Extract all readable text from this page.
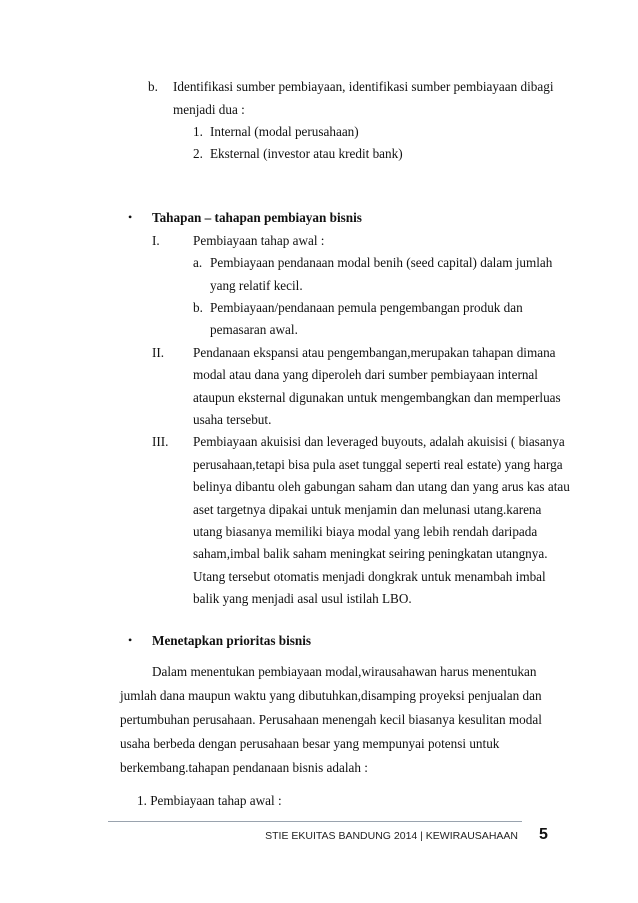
b. Identifikasi sumber pembiayaan, identifikasi sumber pembiayaan dibagi
menjadi dua :
1. Internal (modal perusahaan)
2. Eksternal (investor atau kredit bank)
• Tahapan – tahapan pembiayan bisnis
I.	Pembiayaan tahap awal :
a. Pembiayaan pendanaan modal benih (seed capital) dalam jumlah
yang relatif kecil.
b. Pembiayaan/pendanaan pemula pengembangan produk dan
pemasaran awal.
II. Pendanaan ekspansi atau pengembangan,merupakan tahapan dimana
modal atau dana yang diperoleh dari sumber pembiayaan internal
ataupun eksternal digunakan untuk mengembangkan dan memperluas
usaha tersebut.
III. Pembiayaan akuisisi dan leveraged buyouts, adalah akuisisi ( biasanya
perusahaan,tetapi bisa pula aset tunggal seperti real estate) yang harga
belinya dibantu oleh gabungan saham dan utang dan yang arus kas atau
aset targetnya dipakai untuk menjamin dan melunasi utang.karena
utang biasanya memiliki biaya modal yang lebih rendah daripada
saham,imbal balik saham meningkat seiring peningkatan utangnya.
Utang tersebut otomatis menjadi dongkrak untuk menambah imbal
balik yang menjadi asal usul istilah LBO.
• Menetapkan prioritas bisnis
Dalam menentukan pembiayaan modal,wirausahawan harus menentukan
jumlah dana maupun waktu yang dibutuhkan,disamping proyeksi penjualan dan
pertumbuhan perusahaan. Perusahaan menengah kecil biasanya kesulitan modal
usaha berbeda dengan perusahaan besar yang mempunyai potensi untuk
berkembang.tahapan pendanaan bisnis adalah :
1. Pembiayaan tahap awal :
STIE EKUITAS BANDUNG 2014 | KEWIRAUSAHAAN 5
